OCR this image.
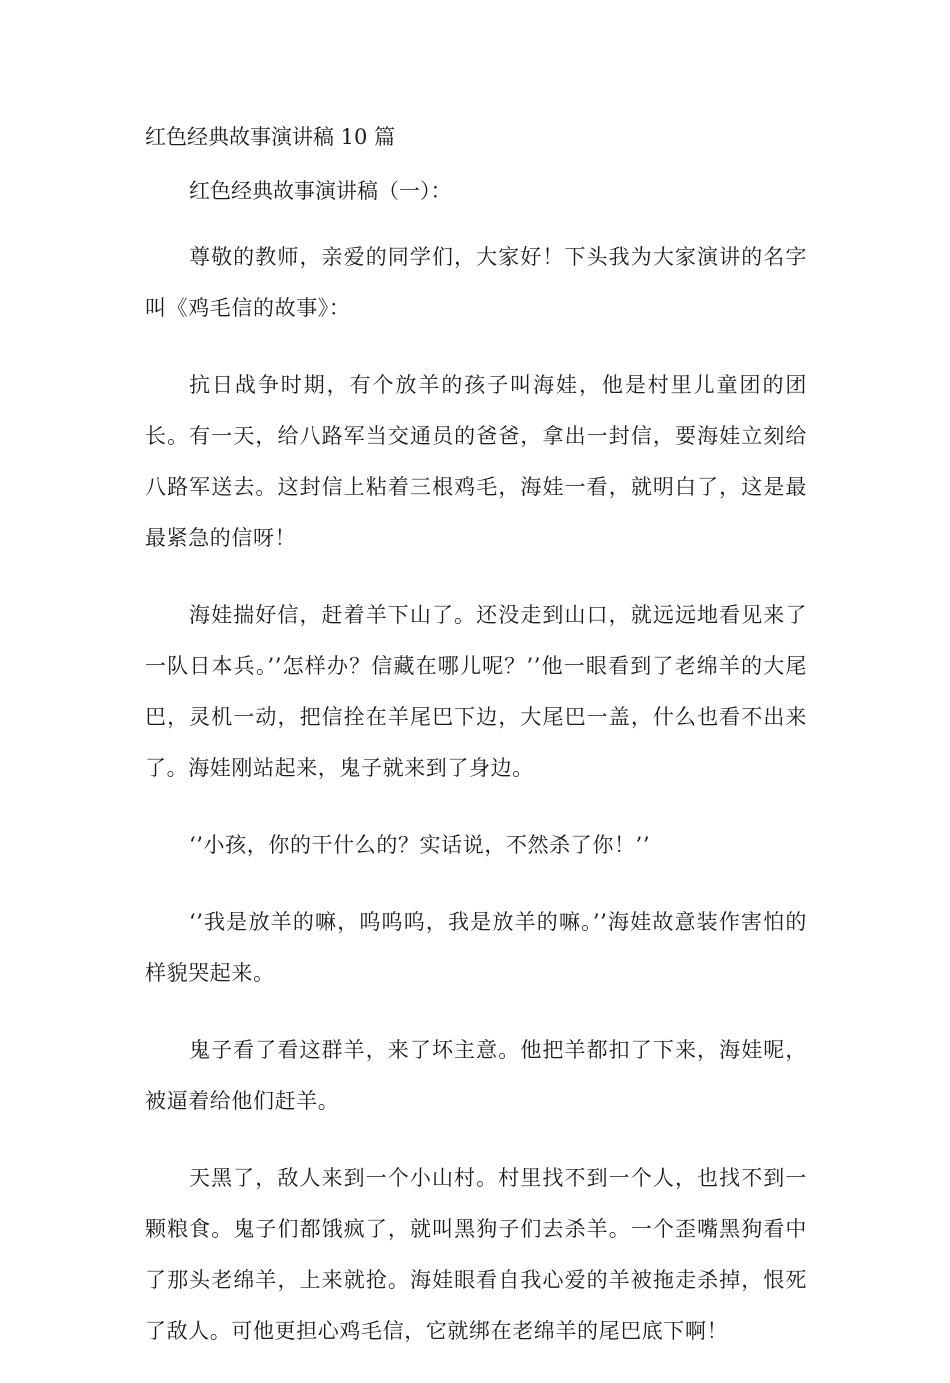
红色经典故事演讲稿 10 篇
红色经典故事演讲稿（一）：

尊敬的教师，亲爱的同学们，大家好！下头我为大家演讲的名字叫《鸡毛信的故事》：

抗日战争时期，有个放羊的孩子叫海娃，他是村里儿童团的团长。有一天，给八路军当交通员的爸爸，拿出一封信，要海娃立刻给八路军送去。这封信上粘着三根鸡毛，海娃一看，就明白了，这是最最紧急的信呀！

海娃揣好信，赶着羊下山了。还没走到山口，就远远地看见来了一队日本兵。’’怎样办？信藏在哪儿呢？’’他一眼看到了老绵羊的大尾巴，灵机一动，把信拴在羊尾巴下边，大尾巴一盖，什么也看不出来了。海娃刚站起来，鬼子就来到了身边。

‘’小孩，你的干什么的？实话说，不然杀了你！’’

‘’我是放羊的嘛，呜呜呜，我是放羊的嘛。’’海娃故意装作害怕的样貌哭起来。

鬼子看了看这群羊，来了坏主意。他把羊都扣了下来，海娃呢，被逼着给他们赶羊。

天黑了，敌人来到一个小山村。村里找不到一个人，也找不到一颗粮食。鬼子们都饿疯了，就叫黑狗子们去杀羊。一个歪嘴黑狗看中了那头老绵羊，上来就抢。海娃眼看自我心爱的羊被拖走杀掉，恨死了敌人。可他更担心鸡毛信，它就绑在老绵羊的尾巴底下啊！
